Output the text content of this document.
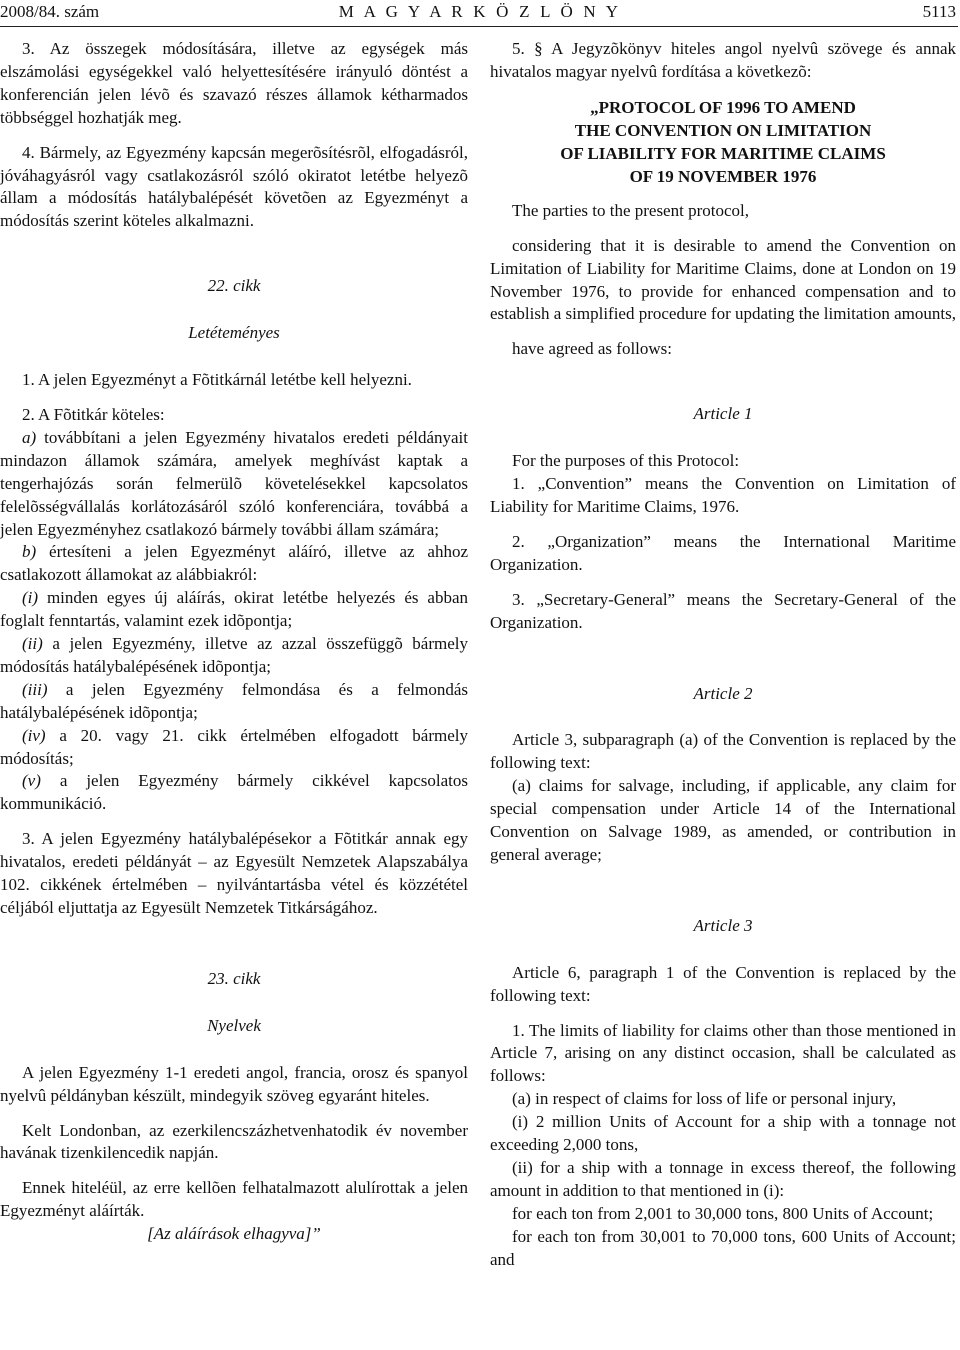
2008/84. szám	M A G Y A R K Ö Z L Ö N Y	5113

3. Az összegek módosítására, illetve az egységek más elszámolási egységekkel való helyettesítésére irányuló döntést a konferencián jelen lévõ és szavazó részes államok kétharmados többséggel hozhatják meg.

4. Bármely, az Egyezmény kapcsán megerõsítésrõl, elfogadásról, jóváhagyásról vagy csatlakozásról szóló okiratot letétbe helyezõ állam a módosítás hatálybalépését követõen az Egyezményt a módosítás szerint köteles alkalmazni.

22. cikk

Letéteményes

1. A jelen Egyezményt a Fõtitkárnál letétbe kell helyezni.

2. A Fõtitkár köteles:

a) továbbítani a jelen Egyezmény hivatalos eredeti példányait mindazon államok számára, amelyek meghívást kaptak a tengerhajózás során felmerülõ követelésekkel kapcsolatos felelõsségvállalás korlátozásáról szóló konferenciára, továbbá a jelen Egyezményhez csatlakozó bármely további állam számára;

b) értesíteni a jelen Egyezményt aláíró, illetve az ahhoz csatlakozott államokat az alábbiakról:

(i) minden egyes új aláírás, okirat letétbe helyezés és abban foglalt fenntartás, valamint ezek idõpontja;

(ii) a jelen Egyezmény, illetve az azzal összefüggõ bármely módosítás hatálybalépésének idõpontja;

(iii) a jelen Egyezmény felmondása és a felmondás hatálybalépésének idõpontja;

(iv) a 20. vagy 21. cikk értelmében elfogadott bármely módosítás;

(v) a jelen Egyezmény bármely cikkével kapcsolatos kommunikáció.

3. A jelen Egyezmény hatálybalépésekor a Fõtitkár annak egy hivatalos, eredeti példányát – az Egyesült Nemzetek Alapszabálya 102. cikkének értelmében – nyilvántartásba vétel és közzététel céljából eljuttatja az Egyesült Nemzetek Titkárságához.

23. cikk

Nyelvek

A jelen Egyezmény 1-1 eredeti angol, francia, orosz és spanyol nyelvû példányban készült, mindegyik szöveg egyaránt hiteles.

Kelt Londonban, az ezerkilencszázhetvenhatodik év november havának tizenkilencedik napján.

Ennek hiteléül, az erre kellõen felhatalmazott alulírottak a jelen Egyezményt aláírták.

[Az aláírások elhagyva]”

5. § A Jegyzõkönyv hiteles angol nyelvû szövege és annak hivatalos magyar nyelvû fordítása a következõ:

„PROTOCOL OF 1996 TO AMEND
THE CONVENTION ON LIMITATION
OF LIABILITY FOR MARITIME CLAIMS
OF 19 NOVEMBER 1976

The parties to the present protocol,

considering that it is desirable to amend the Convention on Limitation of Liability for Maritime Claims, done at London on 19 November 1976, to provide for enhanced compensation and to establish a simplified procedure for updating the limitation amounts,

have agreed as follows:

Article 1

For the purposes of this Protocol:

1. „Convention” means the Convention on Limitation of Liability for Maritime Claims, 1976.

2. „Organization” means the International Maritime Organization.

3. „Secretary-General” means the Secretary-General of the Organization.

Article 2

Article 3, subparagraph (a) of the Convention is replaced by the following text:

(a) claims for salvage, including, if applicable, any claim for special compensation under Article 14 of the International Convention on Salvage 1989, as amended, or contribution in general average;

Article 3

Article 6, paragraph 1 of the Convention is replaced by the following text:

1. The limits of liability for claims other than those mentioned in Article 7, arising on any distinct occasion, shall be calculated as follows:

(a) in respect of claims for loss of life or personal injury,

(i) 2 million Units of Account for a ship with a tonnage not exceeding 2,000 tons,

(ii) for a ship with a tonnage in excess thereof, the following amount in addition to that mentioned in (i):

for each ton from 2,001 to 30,000 tons, 800 Units of Account;

for each ton from 30,001 to 70,000 tons, 600 Units of Account; and
